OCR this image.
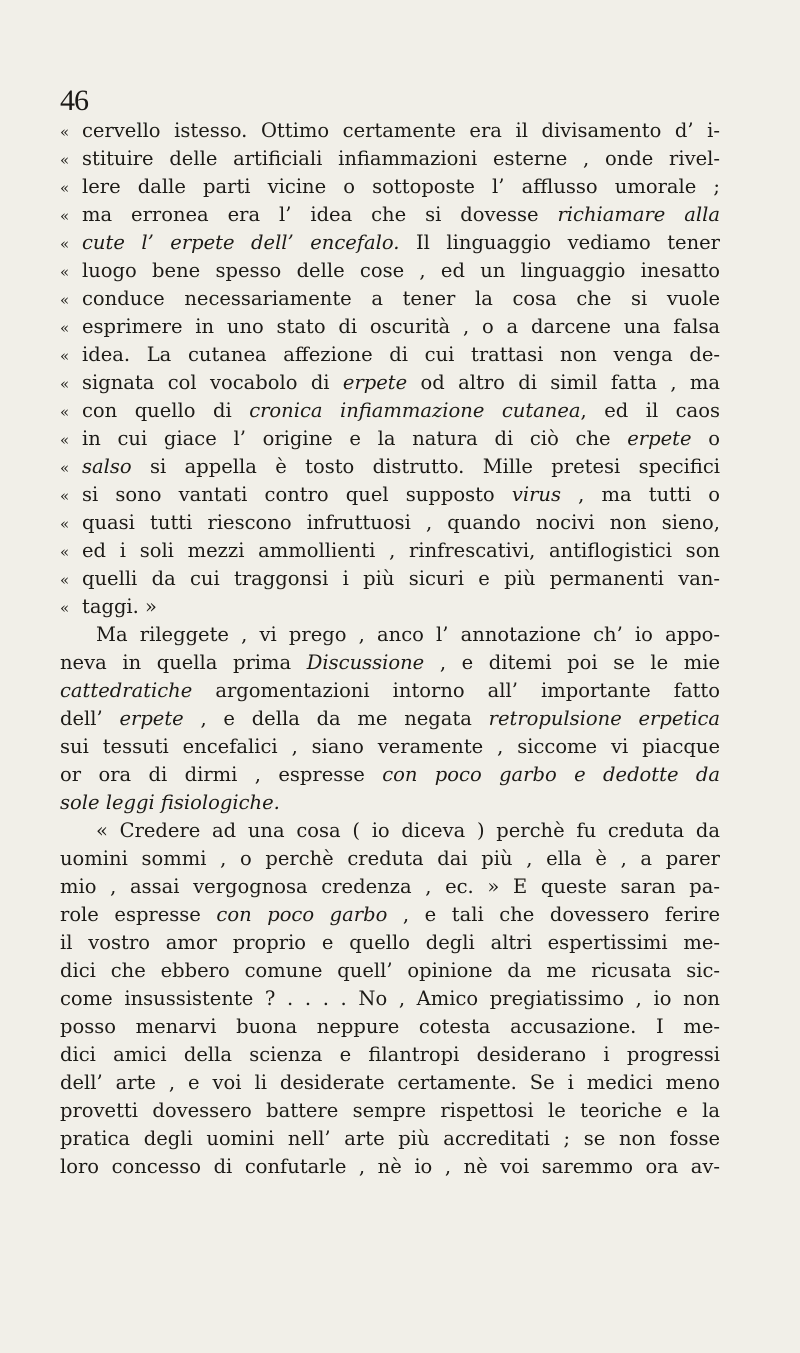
46
« cervello istesso. Ottimo certamente era il divisamento d’ i-
« stituire delle artificiali infiammazioni esterne , onde rivel-
« lere dalle parti vicine o sottoposte l’ afflusso umorale ;
« ma erronea era l’ idea che si dovesse richiamare alla
« cute l’ erpete dell’ encefalo. Il linguaggio vediamo tener
« luogo bene spesso delle cose , ed un linguaggio inesatto
« conduce necessariamente a tener la cosa che si vuole
« esprimere in uno stato di oscurità , o a darcene una falsa
« idea. La cutanea affezione di cui trattasi non venga de-
« signata col vocabolo di erpete od altro di simil fatta , ma
« con quello di cronica infiammazione cutanea, ed il caos
« in cui giace l’ origine e la natura di ciò che erpete o
« salso si appella è tosto distrutto. Mille pretesi specifici
« si sono vantati contro quel supposto virus , ma tutti o
« quasi tutti riescono infruttuosi , quando nocivi non sieno,
« ed i soli mezzi ammollienti , rinfrescativi, antiflogistici son
« quelli da cui traggonsi i più sicuri e più permanenti van-
« taggi. »
Ma rileggete , vi prego , anco l’ annotazione ch’ io appo-
neva in quella prima Discussione , e ditemi poi se le mie
cattedratiche argomentazioni intorno all’ importante fatto
dell’ erpete , e della da me negata retropulsione erpetica
sui tessuti encefalici , siano veramente , siccome vi piacque
or ora di dirmi , espresse con poco garbo e dedotte da
sole leggi fisiologiche.
« Credere ad una cosa ( io diceva ) perchè fu creduta da
uomini sommi , o perchè creduta dai più , ella è , a parer
mio , assai vergognosa credenza , ec. » E queste saran pa-
role espresse con poco garbo , e tali che dovessero ferire
il vostro amor proprio e quello degli altri espertissimi me-
dici che ebbero comune quell’ opinione da me ricusata sic-
come insussistente ? . . . . No , Amico pregiatissimo , io non
posso menarvi buona neppure cotesta accusazione. I me-
dici amici della scienza e filantropi desiderano i progressi
dell’ arte , e voi li desiderate certamente. Se i medici meno
provetti dovessero battere sempre rispettosi le teoriche e la
pratica degli uomini nell’ arte più accreditati ; se non fosse
loro concesso di confutarle , nè io , nè voi saremmo ora av-
